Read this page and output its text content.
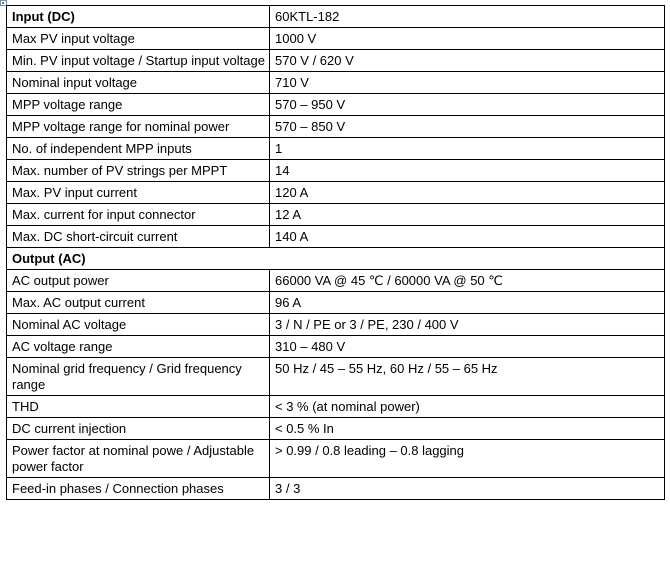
Input (DC)	60KTL-182
Max PV input voltage	1000 V
Min. PV input voltage / Startup input voltage	570 V / 620 V
Nominal input voltage	710 V
MPP voltage range	570 – 950 V
MPP voltage range for nominal power	570 – 850 V
No. of independent MPP inputs	1
Max. number of PV strings per MPPT	14
Max. PV input current	120 A
Max. current for input connector	12 A
Max. DC short-circuit current	140 A
Output (AC)	
AC output power	66000 VA @ 45 ℃ / 60000 VA @ 50 ℃
Max. AC output current	96 A
Nominal AC voltage	3 / N / PE or 3 / PE, 230 / 400 V
AC voltage range	310 – 480 V
Nominal grid frequency / Grid frequency range	50 Hz / 45 – 55 Hz, 60 Hz / 55 – 65 Hz
THD	< 3 % (at nominal power)
DC current injection	< 0.5 % In
Power factor at nominal powe / Adjustable power factor	> 0.99 / 0.8 leading – 0.8 lagging
Feed-in phases / Connection phases	3 / 3
